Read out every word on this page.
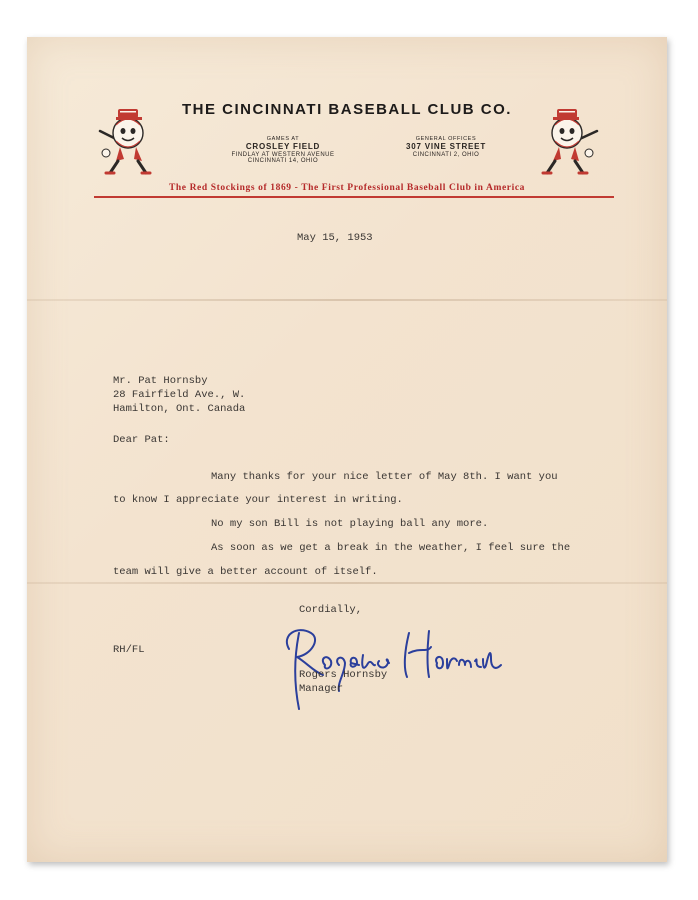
THE CINCINNATI BASEBALL CLUB CO.
GAMES AT
CROSLEY FIELD
FINDLAY AT WESTERN AVENUE
CINCINNATI 14, OHIO
GENERAL OFFICES
307 VINE STREET
CINCINNATI 2, OHIO
The Red Stockings of 1869 - The First Professional Baseball Club in America
May 15, 1953
Mr. Pat Hornsby
28 Fairfield Ave., W.
Hamilton, Ont. Canada
Dear Pat:
Many thanks for your nice letter of May 8th. I want you
to know I appreciate your interest in writing.
No my son Bill is not playing ball any more.
As soon as we get a break in the weather, I feel sure the
team will give a better account of itself.
Cordially,
RH/FL
Rogers Hornsby
Manager
